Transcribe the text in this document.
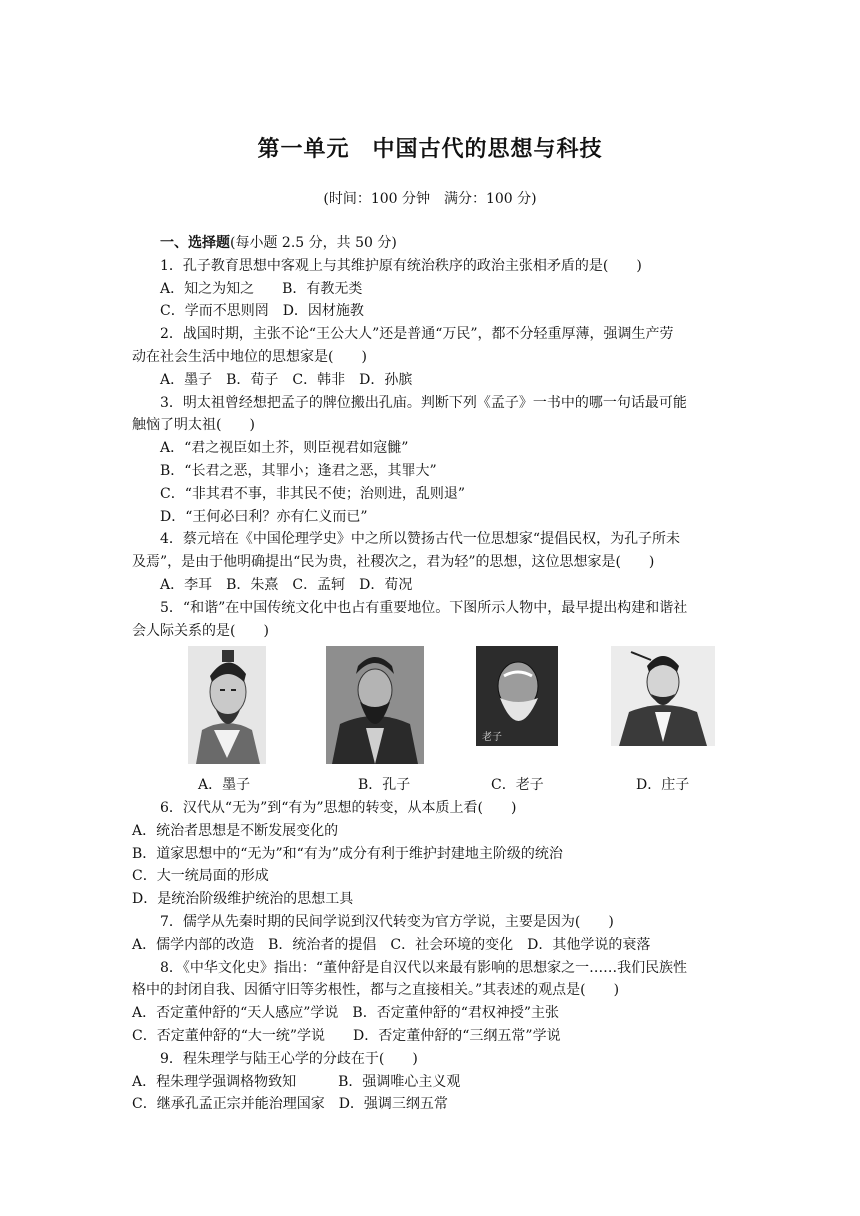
第一单元　中国古代的思想与科技
(时间：100 分钟　满分：100 分)
一、选择题(每小题 2.5 分，共 50 分)
1．孔子教育思想中客观上与其维护原有统治秩序的政治主张相矛盾的是(　　)
A．知之为知之　　B．有教无类
C．学而不思则罔　D．因材施教
2．战国时期，主张不论“王公大人”还是普通“万民”，都不分轻重厚薄，强调生产劳
动在社会生活中地位的思想家是(　　)
A．墨子　B．荀子　C．韩非　D．孙膑
3．明太祖曾经想把孟子的牌位搬出孔庙。判断下列《孟子》一书中的哪一句话最可能
触恼了明太祖(　　)
A．“君之视臣如土芥，则臣视君如寇雠”
B．“长君之恶，其罪小；逢君之恶，其罪大”
C．“非其君不事，非其民不使；治则进，乱则退”
D．“王何必曰利？亦有仁义而已”
4．蔡元培在《中国伦理学史》中之所以赞扬古代一位思想家“提倡民权，为孔子所未
及焉”，是由于他明确提出“民为贵，社稷次之，君为轻”的思想，这位思想家是(　　)
A．李耳　B．朱熹　C．孟轲　D．荀况
5．“和谐”在中国传统文化中也占有重要地位。下图所示人物中，最早提出构建和谐社
会人际关系的是(　　)
老子
A．墨子	B．孔子	C．老子	D．庄子
6．汉代从“无为”到“有为”思想的转变，从本质上看(　　)
A．统治者思想是不断发展变化的
B．道家思想中的“无为”和“有为”成分有利于维护封建地主阶级的统治
C．大一统局面的形成
D．是统治阶级维护统治的思想工具
7．儒学从先秦时期的民间学说到汉代转变为官方学说，主要是因为(　　)
A．儒学内部的改造　B．统治者的提倡　C．社会环境的变化　D．其他学说的衰落
8．《中华文化史》指出：“董仲舒是自汉代以来最有影响的思想家之一……我们民族性
格中的封闭自我、因循守旧等劣根性，都与之直接相关。”其表述的观点是(　　)
A．否定董仲舒的“天人感应”学说　B．否定董仲舒的“君权神授”主张
C．否定董仲舒的“大一统”学说　　D．否定董仲舒的“三纲五常”学说
9．程朱理学与陆王心学的分歧在于(　　)
A．程朱理学强调格物致知　　　B．强调唯心主义观
C．继承孔孟正宗并能治理国家　D．强调三纲五常
